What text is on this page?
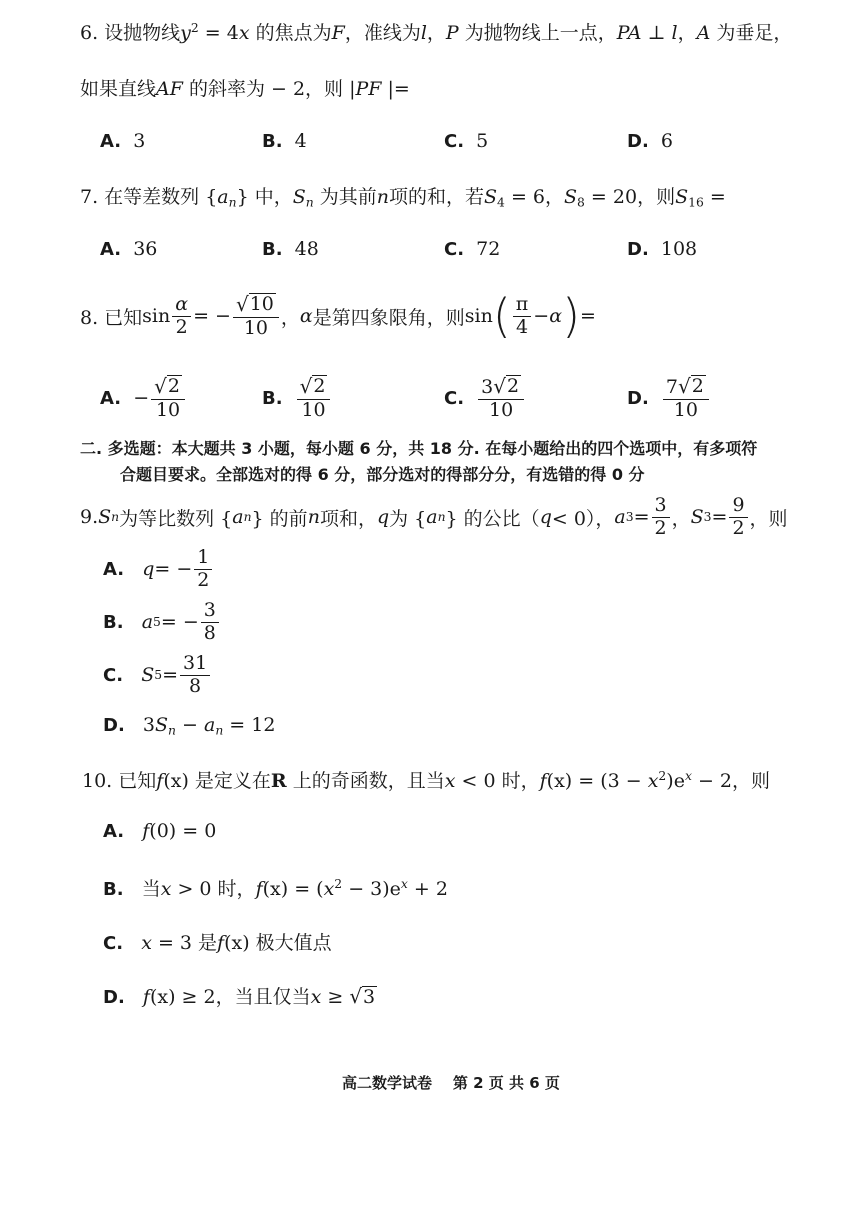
6. 设抛物线$y^2 = 4x$ 的焦点为F，准线为l，P 为抛物线上一点，PA ⊥ l，A 为垂足，
如果直线AF 的斜率为 − 2，则 |PF |=
A. 3	B. 4	C. 5	D. 6
7. 在等差数列 $\{a_n\}$ 中，$S_n$ 为其前n项的和，若$S_4 = 6$，$S_8 = 20$，则$S_{16}$ =
A. 36	B. 48	C. 72	D. 108
8. 已知 $\sin \frac{\alpha}{2}$ = − $\frac{√ 10}{10}$ ， α 是第四象限角，则 sin ( $\frac{\pi}{4} - \alpha$ ) =
A.
− $\frac{√ 2}{10}$	B.
$\frac{√ 2}{10}$	C.
$\frac{3 √ 2}{10}$	D.
$\frac{7 √ 2}{10}$
二. 多选题：本大题共 3 小题，每小题 6 分，共 18 分. 在每小题给出的四个选项中，有多项符
合题目要求。全部选对的得 6 分，部分选对的得部分分，有选错的得 0 分
9. S n 为等比数列 { a n } 的前 n 项和， q 为 { a n } 的公比（ q < 0）， a $3 = \frac{3}{2}$ ， S $3 = \frac{9}{2}$ ，则
A.
q = − $\frac{1}{2}$
B.
a 5 = − $\frac{3}{8}$
C.
S $5 = \frac{31}{8}$
D. $3S_n - a_n = 12$
10. 已知f(x) 是定义在R 上的奇函数，且当x < 0 时，$f(x) = (3 - x^2)e^x - 2$，则
A. f(0) = 0
B. 当x > 0 时，$f(x) = (x^2 - 3)e^x + 2$
C. x = 3 是f(x) 极大值点
D. f(x) ≥ 2，当且仅当x ≥ √ 3
高二数学试卷 第 2 页 共 6 页
